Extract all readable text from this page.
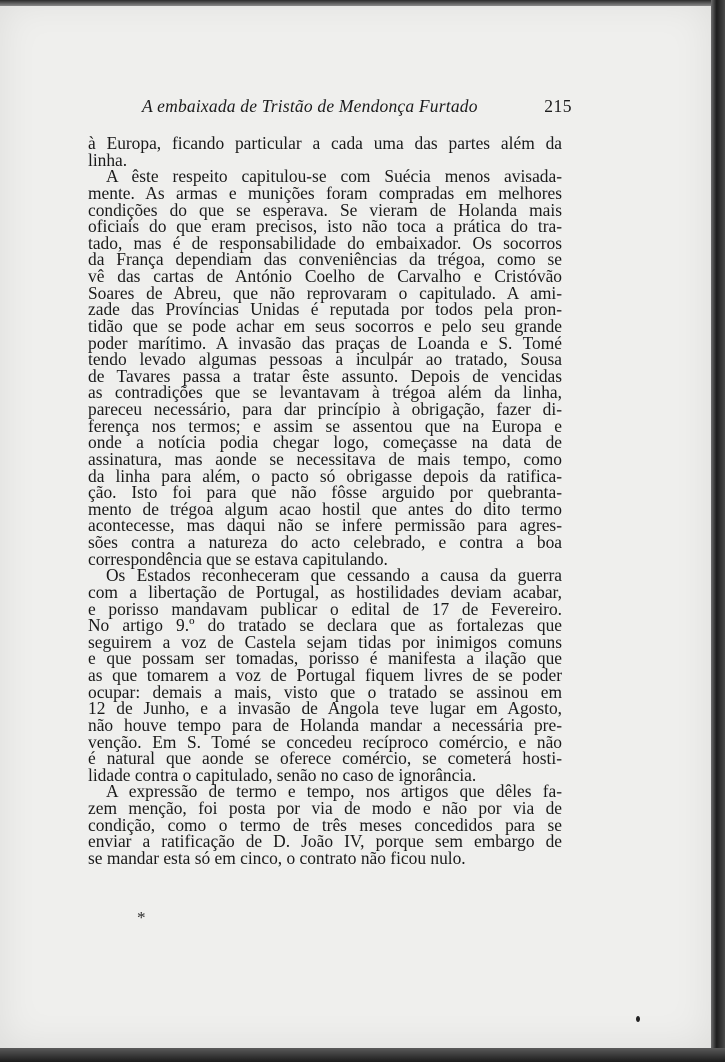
A embaixada de Tristão de Mendonça Furtado	215
à Europa, ficando particular a cada uma das partes além da
linha.
A êste respeito capitulou-se com Suécia menos avisada-
mente. As armas e munições foram compradas em melhores
condições do que se esperava. Se vieram de Holanda mais
oficiais do que eram precisos, isto não toca a prática do tra-
tado, mas é de responsabilidade do embaixador. Os socorros
da França dependiam das conveniências da trégoa, como se
vê das cartas de António Coelho de Carvalho e Cristóvão
Soares de Abreu, que não reprovaram o capitulado. A ami-
zade das Províncias Unidas é reputada por todos pela pron-
tidão que se pode achar em seus socorros e pelo seu grande
poder marítimo. A invasão das praças de Loanda e S. Tomé
tendo levado algumas pessoas a inculpár ao tratado, Sousa
de Tavares passa a tratar êste assunto. Depois de vencidas
as contradições que se levantavam à trégoa além da linha,
pareceu necessário, para dar princípio à obrigação, fazer di-
ferença nos termos; e assim se assentou que na Europa e
onde a notícia podia chegar logo, começasse na data de
assinatura, mas aonde se necessitava de mais tempo, como
da linha para além, o pacto só obrigasse depois da ratifica-
ção. Isto foi para que não fôsse arguido por quebranta-
mento de trégoa algum acao hostil que antes do dito termo
acontecesse, mas daqui não se infere permissão para agres-
sões contra a natureza do acto celebrado, e contra a boa
correspondência que se estava capitulando.
Os Estados reconheceram que cessando a causa da guerra
com a libertação de Portugal, as hostilidades deviam acabar,
e porisso mandavam publicar o edital de 17 de Fevereiro.
No artigo 9.º do tratado se declara que as fortalezas que
seguirem a voz de Castela sejam tidas por inimigos comuns
e que possam ser tomadas, porisso é manifesta a ilação que
as que tomarem a voz de Portugal fiquem livres de se poder
ocupar: demais a mais, visto que o tratado se assinou em
12 de Junho, e a invasão de Angola teve lugar em Agosto,
não houve tempo para de Holanda mandar a necessária pre-
venção. Em S. Tomé se concedeu recíproco comércio, e não
é natural que aonde se oferece comércio, se cometerá hosti-
lidade contra o capitulado, senão no caso de ignorância.
A expressão de termo e tempo, nos artigos que dêles fa-
zem menção, foi posta por via de modo e não por via de
condição, como o termo de três meses concedidos para se
enviar a ratificação de D. João IV, porque sem embargo de
se mandar esta só em cinco, o contrato não ficou nulo.
*
